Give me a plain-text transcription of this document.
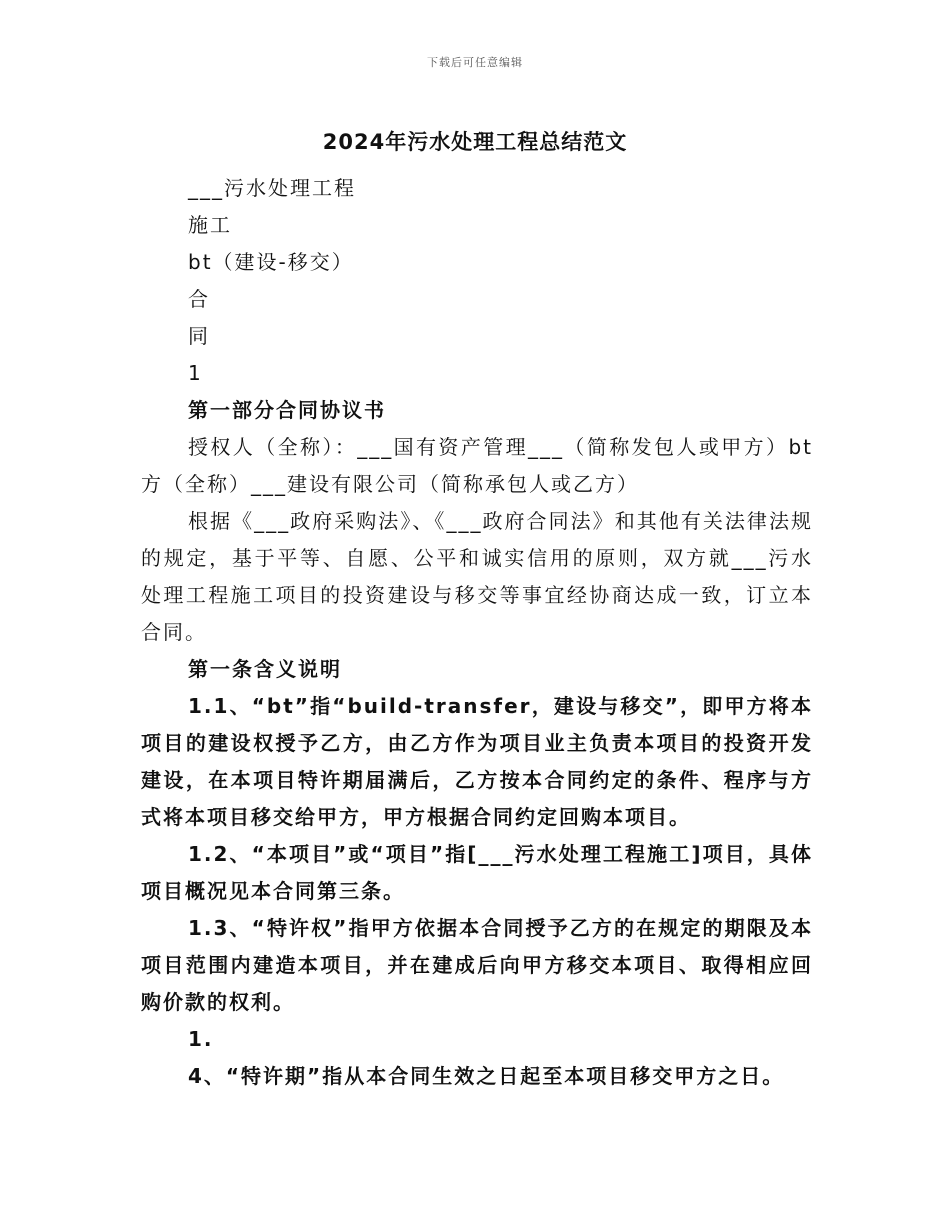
下载后可任意编辑
2024年污水处理工程总结范文
___污水处理工程
施工
bt（建设-移交）
合
同
1
第一部分合同协议书

授权人（全称）：___国有资产管理___（简称发包人或甲方）bt方（全称）___建设有限公司（简称承包人或乙方）

根据《___政府采购法》、《___政府合同法》和其他有关法律法规的规定，基于平等、自愿、公平和诚实信用的原则，双方就___污水处理工程施工项目的投资建设与移交等事宜经协商达成一致，订立本合同。

第一条含义说明

1.1、“bt”指“build-transfer，建设与移交”，即甲方将本项目的建设权授予乙方，由乙方作为项目业主负责本项目的投资开发建设，在本项目特许期届满后，乙方按本合同约定的条件、程序与方式将本项目移交给甲方，甲方根据合同约定回购本项目。

1.2、“本项目”或“项目”指[___污水处理工程施工]项目，具体项目概况见本合同第三条。

1.3、“特许权”指甲方依据本合同授予乙方的在规定的期限及本项目范围内建造本项目，并在建成后向甲方移交本项目、取得相应回购价款的权利。

1.

4、“特许期”指从本合同生效之日起至本项目移交甲方之日。
